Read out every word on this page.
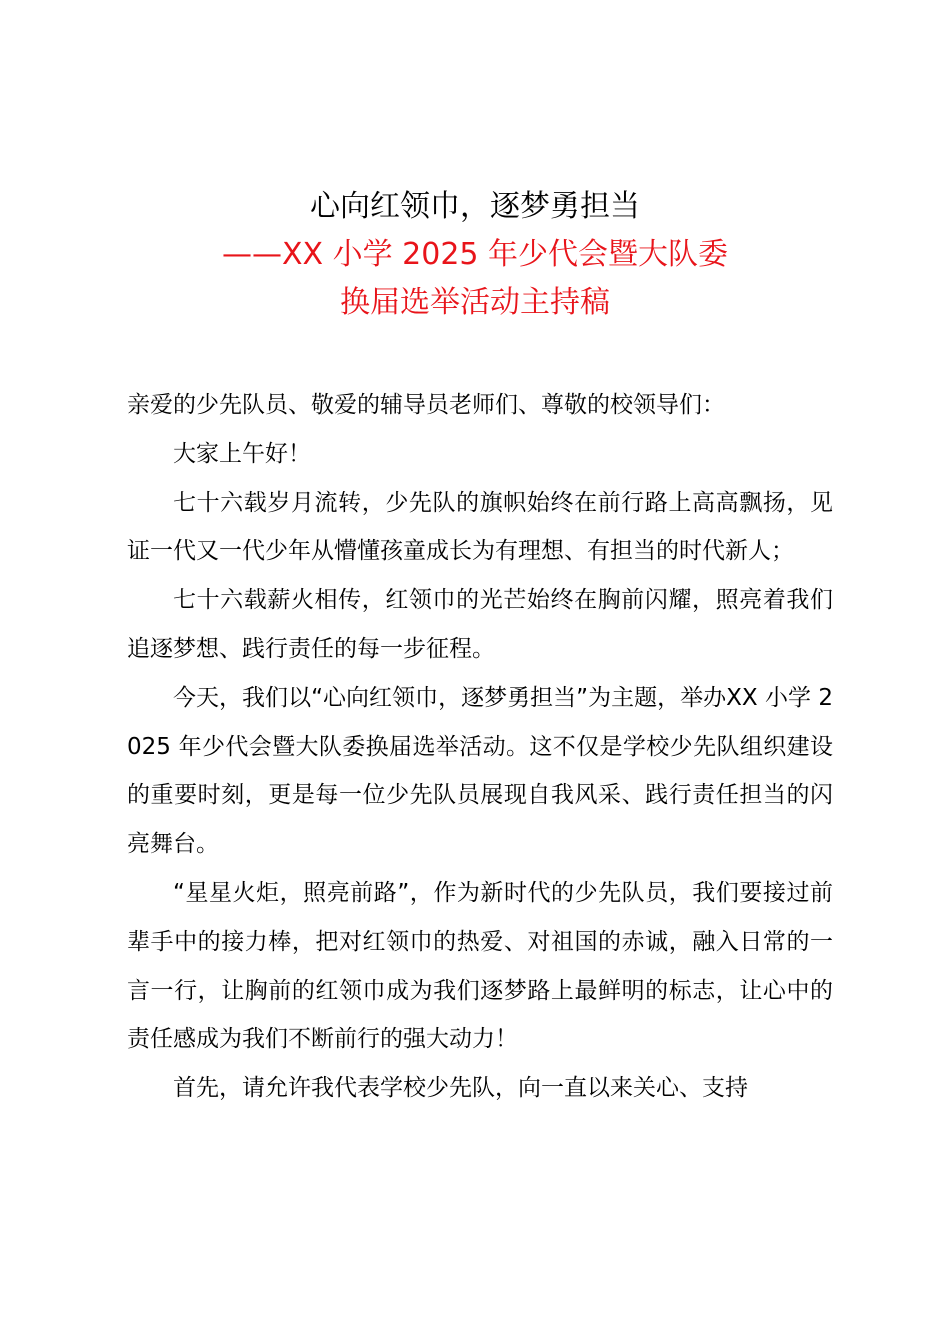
心向红领巾，逐梦勇担当
——XX 小学 2025 年少代会暨大队委
换届选举活动主持稿

亲爱的少先队员、敬爱的辅导员老师们、尊敬的校领导们：

大家上午好！

七十六载岁月流转，少先队的旗帜始终在前行路上高高飘扬，见证一代又一代少年从懵懂孩童成长为有理想、有担当的时代新人；

七十六载薪火相传，红领巾的光芒始终在胸前闪耀，照亮着我们追逐梦想、践行责任的每一步征程。

今天，我们以“心向红领巾，逐梦勇担当”为主题，举办XX 小学 2025 年少代会暨大队委换届选举活动。这不仅是学校少先队组织建设的重要时刻，更是每一位少先队员展现自我风采、践行责任担当的闪亮舞台。

“星星火炬，照亮前路”，作为新时代的少先队员，我们要接过前辈手中的接力棒，把对红领巾的热爱、对祖国的赤诚，融入日常的一言一行，让胸前的红领巾成为我们逐梦路上最鲜明的标志，让心中的责任感成为我们不断前行的强大动力！

首先，请允许我代表学校少先队，向一直以来关心、支持
